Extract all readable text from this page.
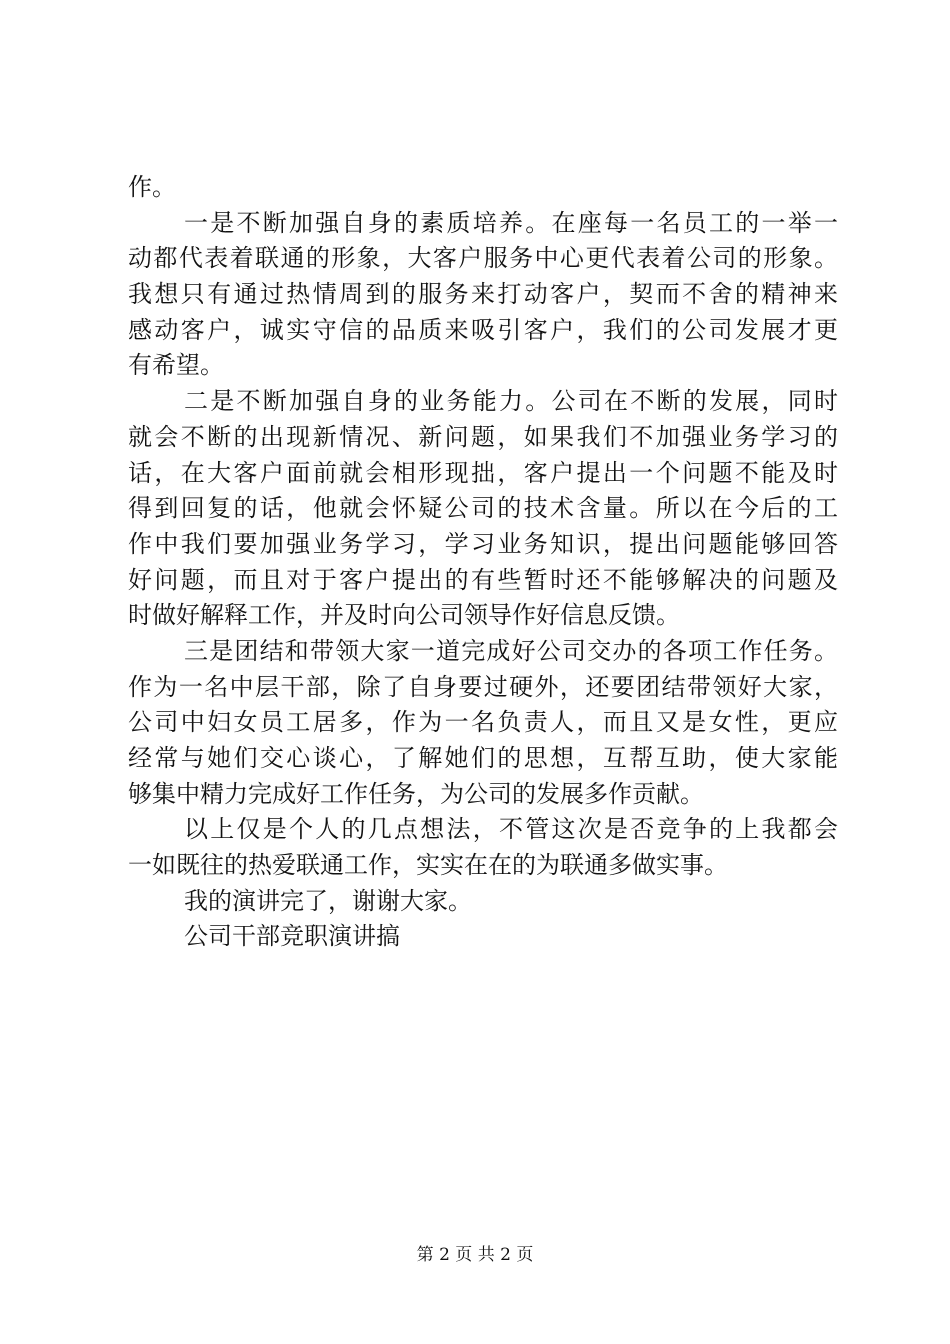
作。
一是不断加强自身的素质培养。在座每一名员工的一举一
动都代表着联通的形象，大客户服务中心更代表着公司的形象。
我想只有通过热情周到的服务来打动客户，契而不舍的精神来
感动客户，诚实守信的品质来吸引客户，我们的公司发展才更
有希望。
二是不断加强自身的业务能力。公司在不断的发展，同时
就会不断的出现新情况、新问题，如果我们不加强业务学习的
话，在大客户面前就会相形现拙，客户提出一个问题不能及时
得到回复的话，他就会怀疑公司的技术含量。所以在今后的工
作中我们要加强业务学习，学习业务知识，提出问题能够回答
好问题，而且对于客户提出的有些暂时还不能够解决的问题及
时做好解释工作，并及时向公司领导作好信息反馈。
三是团结和带领大家一道完成好公司交办的各项工作任务。
作为一名中层干部，除了自身要过硬外，还要团结带领好大家，
公司中妇女员工居多，作为一名负责人，而且又是女性，更应
经常与她们交心谈心，了解她们的思想，互帮互助，使大家能
够集中精力完成好工作任务，为公司的发展多作贡献。
以上仅是个人的几点想法，不管这次是否竞争的上我都会
一如既往的热爱联通工作，实实在在的为联通多做实事。
我的演讲完了，谢谢大家。
公司干部竞职演讲搞
第 2 页 共 2 页
